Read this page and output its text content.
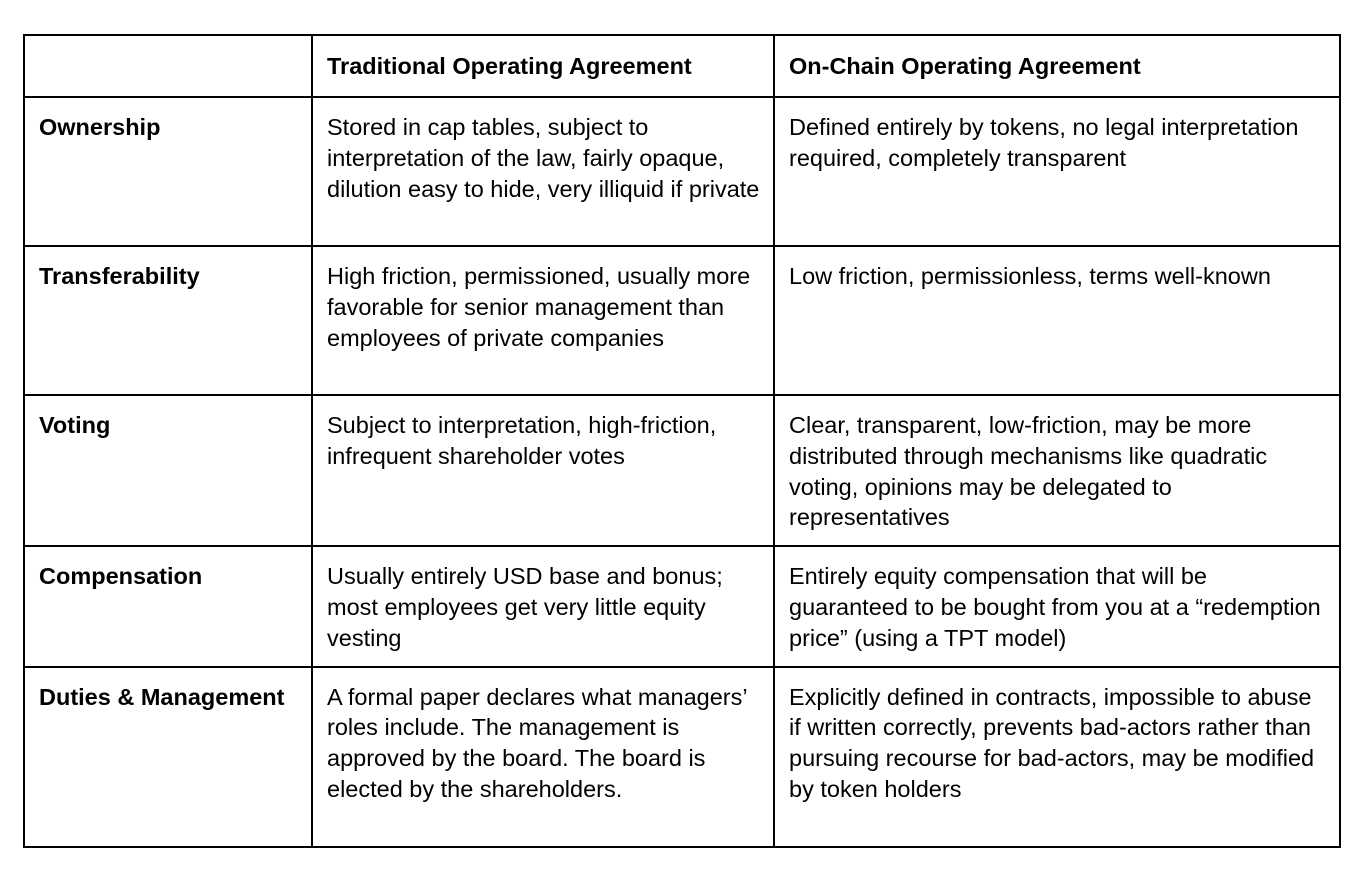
	Traditional Operating Agreement	On-Chain Operating Agreement
Ownership	Stored in cap tables, subject to interpretation of the law, fairly opaque, dilution easy to hide, very illiquid if private	Defined entirely by tokens, no legal interpretation required, completely transparent
Transferability	High friction, permissioned, usually more favorable for senior management than employees of private companies	Low friction, permissionless, terms well-known
Voting	Subject to interpretation, high-friction, infrequent shareholder votes	Clear, transparent, low-friction, may be more distributed through mechanisms like quadratic voting, opinions may be delegated to representatives
Compensation	Usually entirely USD base and bonus; most employees get very little equity vesting	Entirely equity compensation that will be guaranteed to be bought from you at a “redemption price” (using a TPT model)
Duties & Management	A formal paper declares what managers’ roles include. The management is approved by the board. The board is elected by the shareholders.	Explicitly defined in contracts, impossible to abuse if written correctly, prevents bad-actors rather than pursuing recourse for bad-actors, may be modified by token holders
